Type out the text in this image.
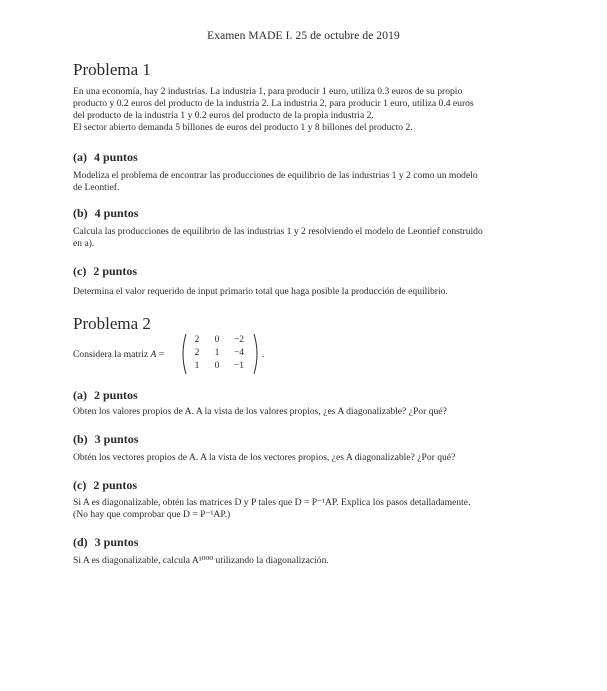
Examen MADE I. 25 de octubre de 2019
Problema 1

En una economía, hay 2 industrias. La industria 1, para producir 1 euro, utiliza 0.3 euros de su propio
producto y 0.2 euros del producto de la industria 2. La industria 2, para producir 1 euro, utiliza 0.4 euros
del producto de la industria 1 y 0.2 euros del producto de la propia industria 2.
El sector abierto demanda 5 billones de euros del producto 1 y 8 billones del producto 2.

(a) 4 puntos

Modeliza el problema de encontrar las producciones de equilibrio de las industrias 1 y 2 como un modelo
de Leontief.

(b) 4 puntos

Calcula las producciones de equilibrio de las industrias 1 y 2 resolviendo el modelo de Leontief construido
en a).

(c) 2 puntos

Determina el valor requerido de input primario total que haga posible la producción de equilibrio.

Problema 2
Considera la matriz A =
2	0	−2
2	1	−4
1	0	−1
.
(a) 2 puntos

Obten los valores propios de A. A la vista de los valores propios, ¿es A diagonalizable? ¿Por qué?

(b) 3 puntos

Obtén los vectores propios de A. A la vista de los vectores propios, ¿es A diagonalizable? ¿Por qué?

(c) 2 puntos

Si A es diagonalizable, obtén las matrices D y P tales que D = P⁻¹AP. Explica los pasos detalladamente.
(No hay que comprobar que D = P⁻¹AP.)

(d) 3 puntos

Si A es diagonalizable, calcula A¹⁰⁰⁰ utilizando la diagonalización.
